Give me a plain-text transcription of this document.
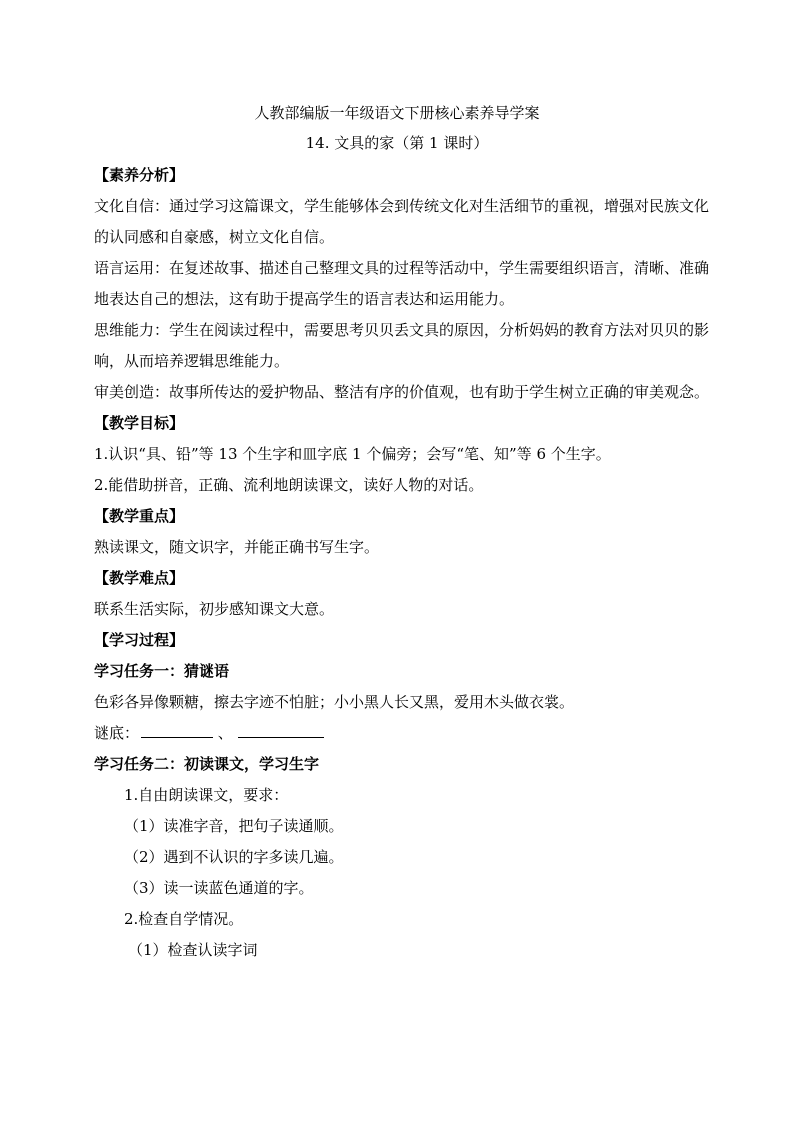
人教部编版一年级语文下册核心素养导学案
14. 文具的家（第 1 课时）

【素养分析】

文化自信：通过学习这篇课文，学生能够体会到传统文化对生活细节的重视，增强对民族文化的认同感和自豪感，树立文化自信。

语言运用：在复述故事、描述自己整理文具的过程等活动中，学生需要组织语言，清晰、准确地表达自己的想法，这有助于提高学生的语言表达和运用能力。

思维能力：学生在阅读过程中，需要思考贝贝丢文具的原因，分析妈妈的教育方法对贝贝的影响，从而培养逻辑思维能力。

审美创造：故事所传达的爱护物品、整洁有序的价值观，也有助于学生树立正确的审美观念。

【教学目标】

1.认识“具、铅”等 13 个生字和皿字底 1 个偏旁；会写“笔、知”等 6 个生字。

2.能借助拼音，正确、流利地朗读课文，读好人物的对话。

【教学重点】

熟读课文，随文识字，并能正确书写生字。

【教学难点】

联系生活实际，初步感知课文大意。

【学习过程】

学习任务一：猜谜语

色彩各异像颗糖，擦去字迹不怕脏；小小黑人长又黑，爱用木头做衣裳。

谜底：	、

学习任务二：初读课文，学习生字

1.自由朗读课文，要求：

（1）读准字音，把句子读通顺。

（2）遇到不认识的字多读几遍。

（3）读一读蓝色通道的字。

2.检查自学情况。

（1）检查认读字词
